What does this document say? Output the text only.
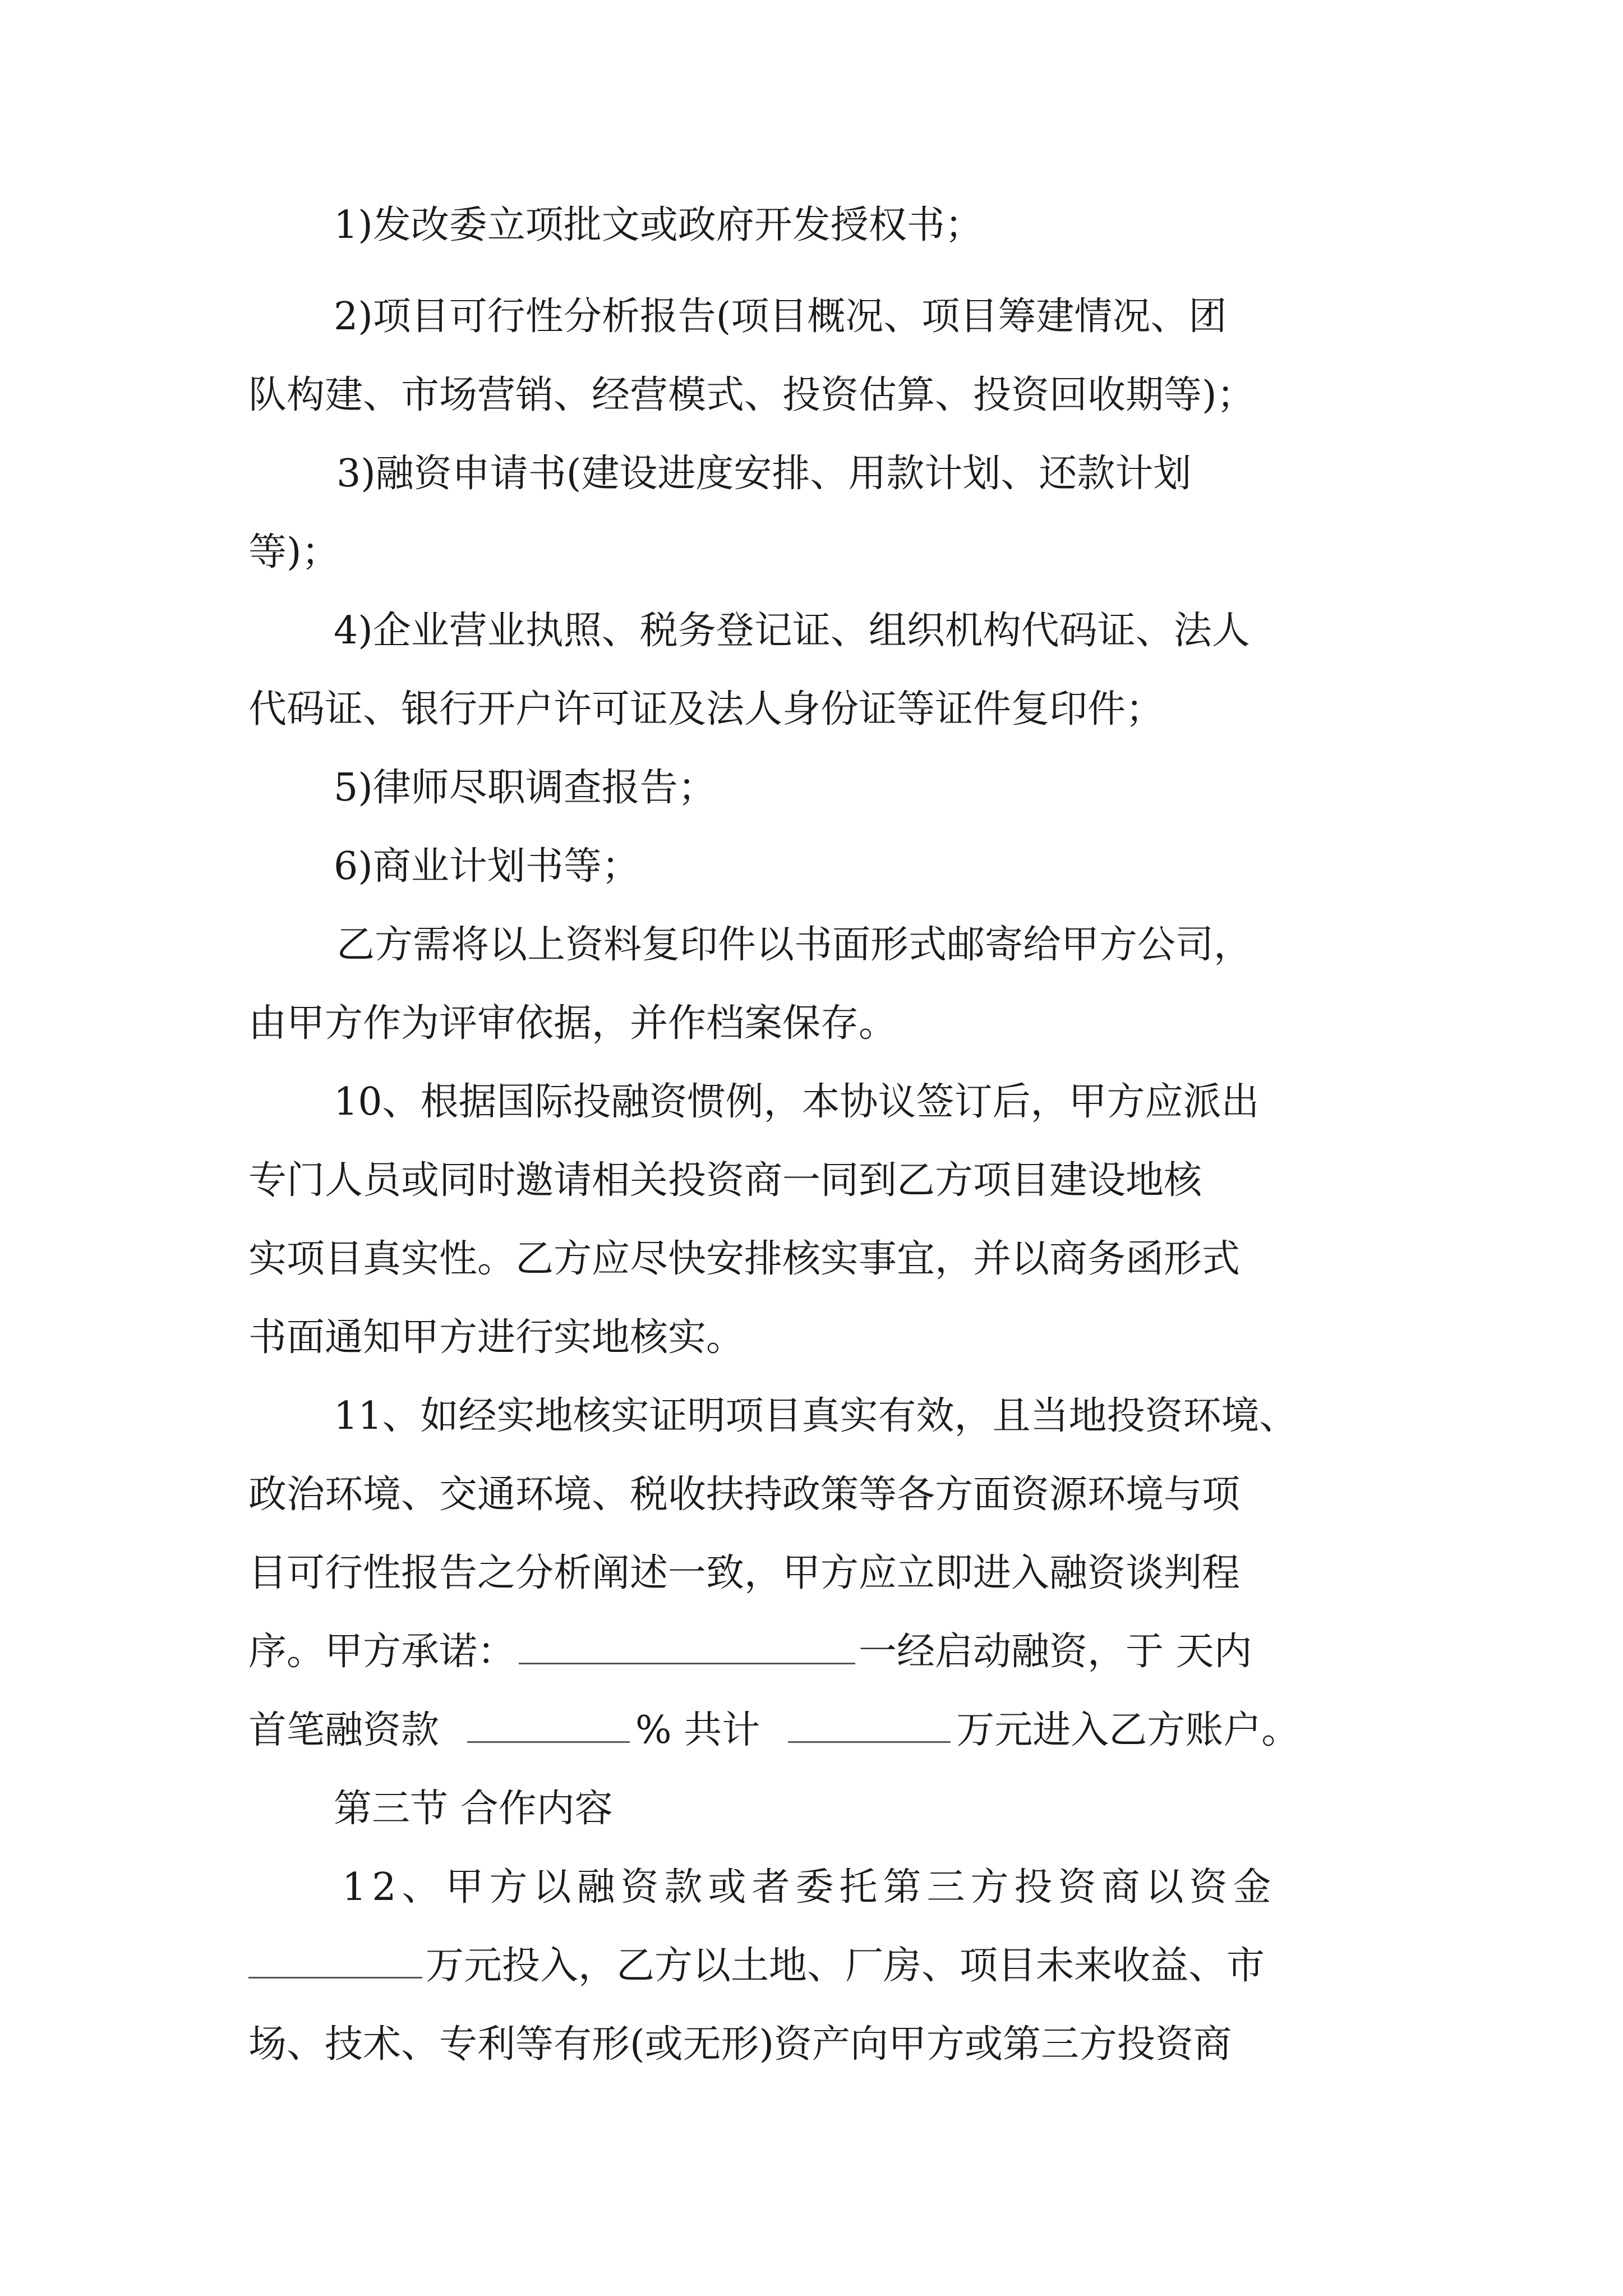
1)发改委立项批文或政府开发授权书；
2)项目可行性分析报告(项目概况、项目筹建情况、团
队构建、市场营销、经营模式、投资估算、投资回收期等)；
3)融资申请书(建设进度安排、用款计划、还款计划
等)；
4)企业营业执照、税务登记证、组织机构代码证、法人
代码证、银行开户许可证及法人身份证等证件复印件；
5)律师尽职调查报告；
6)商业计划书等；
乙方需将以上资料复印件以书面形式邮寄给甲方公司，
由甲方作为评审依据，并作档案保存。
10、根据国际投融资惯例，本协议签订后，甲方应派出
专门人员或同时邀请相关投资商一同到乙方项目建设地核
实项目真实性。乙方应尽快安排核实事宜，并以商务函形式
书面通知甲方进行实地核实。
11、如经实地核实证明项目真实有效，且当地投资环境、
政治环境、交通环境、税收扶持政策等各方面资源环境与项
目可行性报告之分析阐述一致，甲方应立即进入融资谈判程
序。甲方承诺：	一经启动融资，于 天内
首笔融资款	% 共计	万元进入乙方账户。
第三节 合作内容
12、甲方以融资款或者委托第三方投资商以资金
万元投入，乙方以土地、厂房、项目未来收益、市
场、技术、专利等有形(或无形)资产向甲方或第三方投资商
